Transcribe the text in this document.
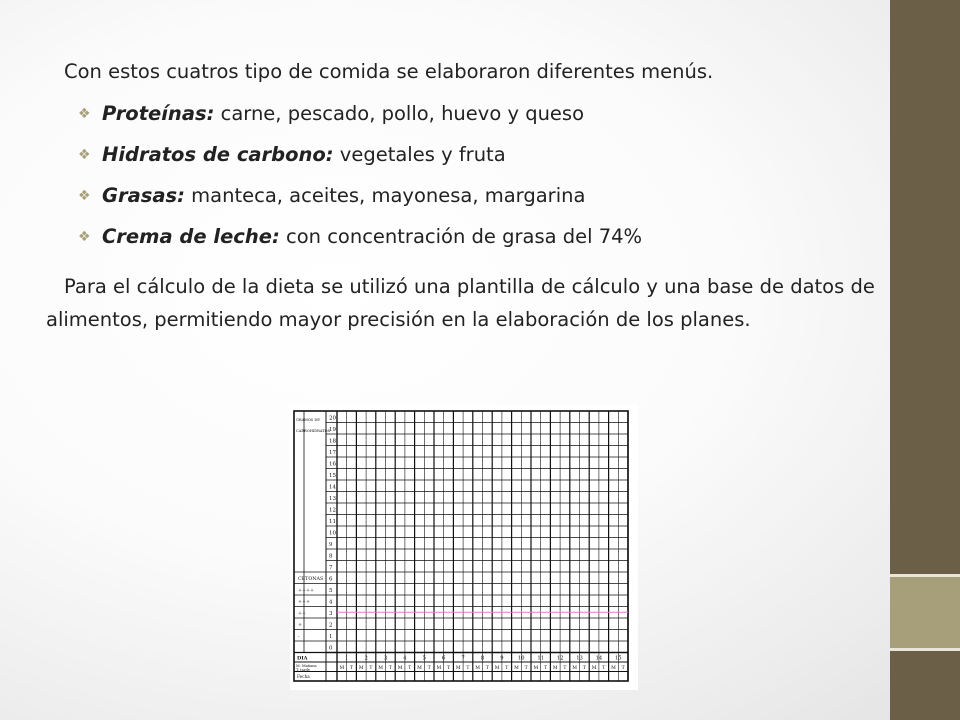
Con estos cuatros tipo de comida se elaboraron diferentes menús.
❖ Proteínas: carne, pescado, pollo, huevo y queso
❖ Hidratos de carbono: vegetales y fruta
❖ Grasas: manteca, aceites, mayonesa, margarina
❖ Crema de leche: con concentración de grasa del 74%

Para el cálculo de la dieta se utilizó una plantilla de cálculo y una base de datos de alimentos, permitiendo mayor precisión en la elaboración de los planes.

20
19
18
17
16
15
14
13
12
11
10
9
8
7
6
5
4
3
2
1
0
GRAMOS DE
CARBOHIDRATOS
CETONAS
++++
+++
++
+
-
DIA
M. Mañana
T. tarde
Fecha
1
M T
2
M T
3
M T
4
M T
5
M T
6
M T
7
M T
8
M T
9
M T
10
M T
11
M T
12
M T
13
M T
14
M T
15
M T
